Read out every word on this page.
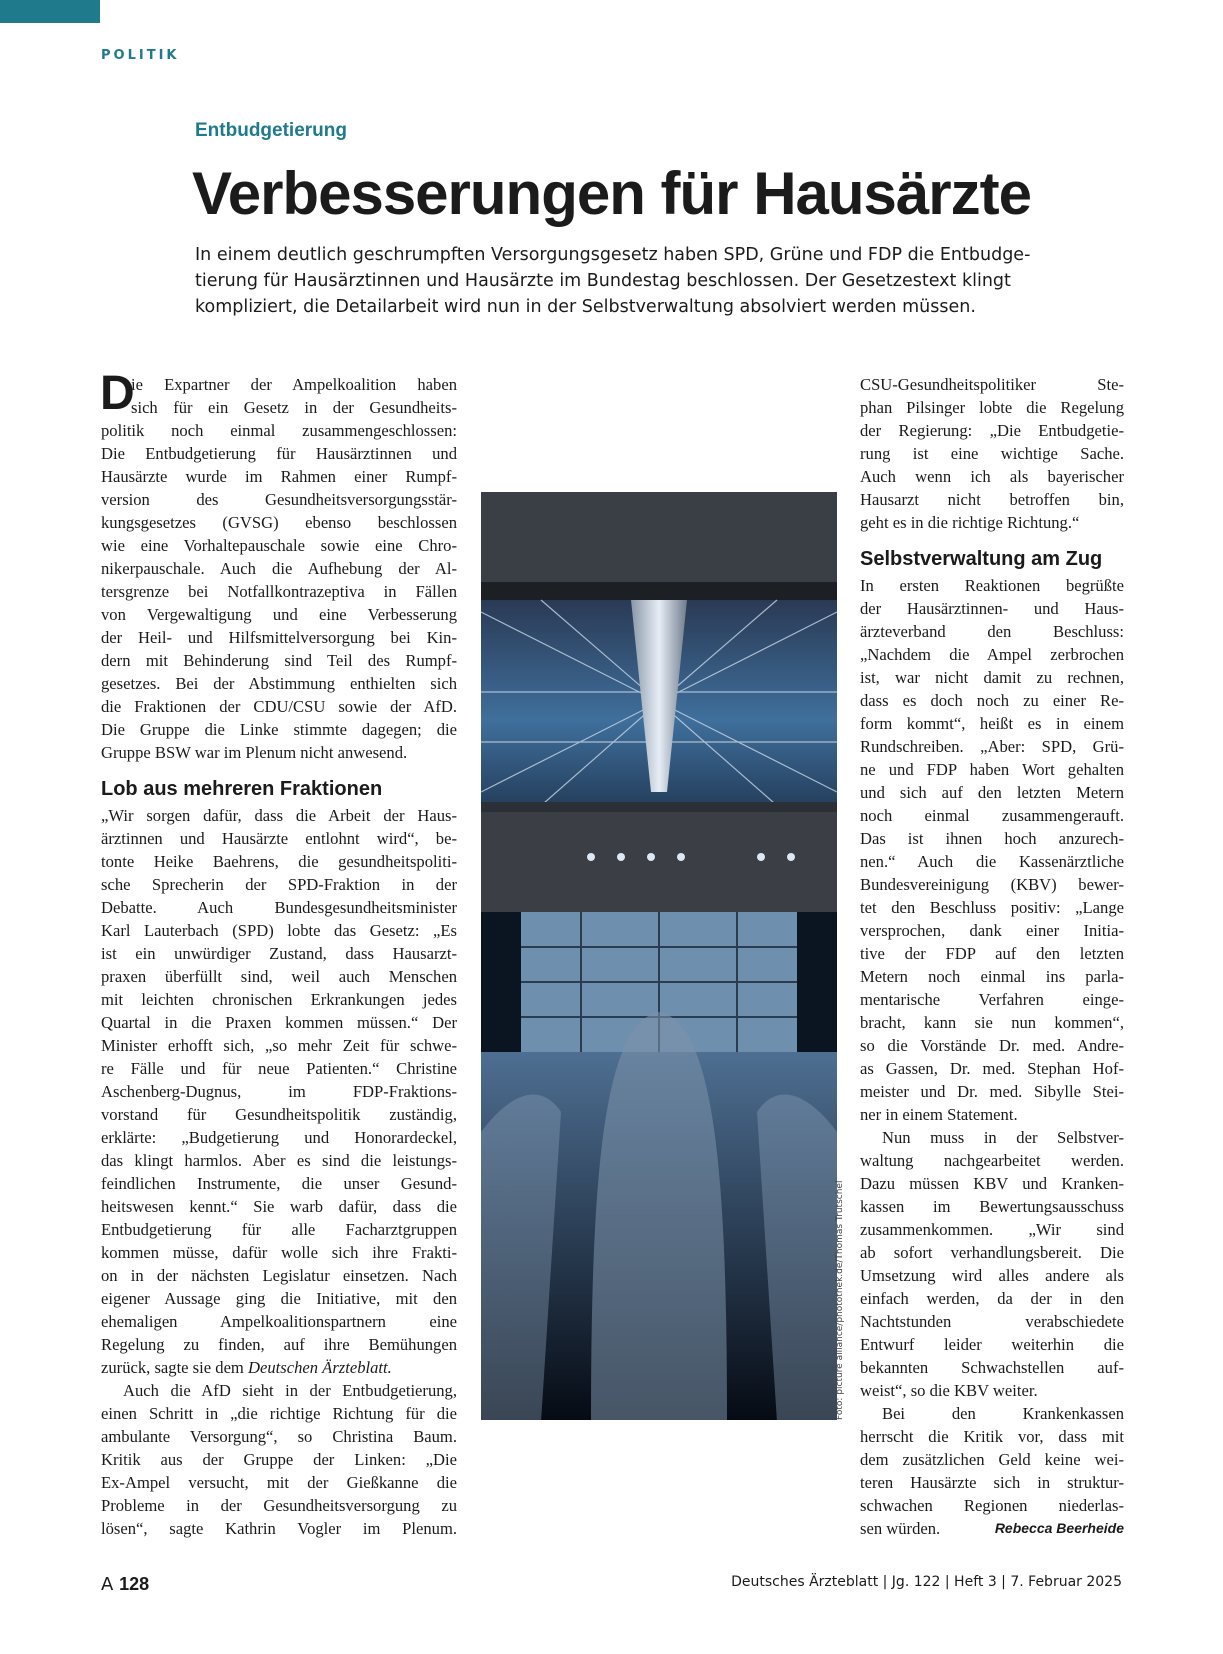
POLITIK
Entbudgetierung
Verbesserungen für Hausärzte
In einem deutlich geschrumpften Versorgungsgesetz haben SPD, Grüne und FDP die Entbudge-
tierung für Hausärztinnen und Hausärzte im Bundestag beschlossen. Der Gesetzestext klingt
kompliziert, die Detailarbeit wird nun in der Selbstverwaltung absolviert werden müssen.
D
ie Expartner der Ampelkoalition haben
sich für ein Gesetz in der Gesundheits-
politik noch einmal zusammengeschlossen:
Die Entbudgetierung für Hausärztinnen und
Hausärzte wurde im Rahmen einer Rumpf-
version des Gesundheitsversorgungsstär-
kungsgesetzes (GVSG) ebenso beschlossen
wie eine Vorhaltepauschale sowie eine Chro-
nikerpauschale. Auch die Aufhebung der Al-
tersgrenze bei Notfallkontrazeptiva in Fällen
von Vergewaltigung und eine Verbesserung
der Heil- und Hilfsmittelversorgung bei Kin-
dern mit Behinderung sind Teil des Rumpf-
gesetzes. Bei der Abstimmung enthielten sich
die Fraktionen der CDU/CSU sowie der AfD.
Die Gruppe die Linke stimmte dagegen; die
Gruppe BSW war im Plenum nicht anwesend.
Lob aus mehreren Fraktionen
„Wir sorgen dafür, dass die Arbeit der Haus-
ärztinnen und Hausärzte entlohnt wird“, be-
tonte Heike Baehrens, die gesundheitspoliti-
sche Sprecherin der SPD-Fraktion in der
Debatte. Auch Bundesgesundheitsminister
Karl Lauterbach (SPD) lobte das Gesetz: „Es
ist ein unwürdiger Zustand, dass Hausarzt-
praxen überfüllt sind, weil auch Menschen
mit leichten chronischen Erkrankungen jedes
Quartal in die Praxen kommen müssen.“ Der
Minister erhofft sich, „so mehr Zeit für schwe-
re Fälle und für neue Patienten.“ Christine
Aschenberg-Dugnus, im FDP-Fraktions-
vorstand für Gesundheitspolitik zuständig,
erklärte: „Budgetierung und Honorardeckel,
das klingt harmlos. Aber es sind die leistungs-
feindlichen Instrumente, die unser Gesund-
heitswesen kennt.“ Sie warb dafür, dass die
Entbudgetierung für alle Facharztgruppen
kommen müsse, dafür wolle sich ihre Frakti-
on in der nächsten Legislatur einsetzen. Nach
eigener Aussage ging die Initiative, mit den
ehemaligen Ampelkoalitionspartnern eine
Regelung zu finden, auf ihre Bemühungen
zurück, sagte sie dem Deutschen Ärzteblatt.
Auch die AfD sieht in der Entbudgetierung,
einen Schritt in „die richtige Richtung für die
ambulante Versorgung“, so Christina Baum.
Kritik aus der Gruppe der Linken: „Die
Ex-Ampel versucht, mit der Gießkanne die
Probleme in der Gesundheitsversorgung zu
lösen“, sagte Kathrin Vogler im Plenum.
Foto: picture alliance/photothek.de/Thomas Trutschel
CSU-Gesundheitspolitiker Ste-
phan Pilsinger lobte die Regelung
der Regierung: „Die Entbudgetie-
rung ist eine wichtige Sache.
Auch wenn ich als bayerischer
Hausarzt nicht betroffen bin,
geht es in die richtige Richtung.“
Selbstverwaltung am Zug
In ersten Reaktionen begrüßte
der Hausärztinnen- und Haus-
ärzteverband den Beschluss:
„Nachdem die Ampel zerbrochen
ist, war nicht damit zu rechnen,
dass es doch noch zu einer Re-
form kommt“, heißt es in einem
Rundschreiben. „Aber: SPD, Grü-
ne und FDP haben Wort gehalten
und sich auf den letzten Metern
noch einmal zusammengerauft.
Das ist ihnen hoch anzurech-
nen.“ Auch die Kassenärztliche
Bundesvereinigung (KBV) bewer-
tet den Beschluss positiv: „Lange
versprochen, dank einer Initia-
tive der FDP auf den letzten
Metern noch einmal ins parla-
mentarische Verfahren einge-
bracht, kann sie nun kommen“,
so die Vorstände Dr. med. Andre-
as Gassen, Dr. med. Stephan Hof-
meister und Dr. med. Sibylle Stei-
ner in einem Statement.
Nun muss in der Selbstver-
waltung nachgearbeitet werden.
Dazu müssen KBV und Kranken-
kassen im Bewertungsausschuss
zusammenkommen. „Wir sind
ab sofort verhandlungsbereit. Die
Umsetzung wird alles andere als
einfach werden, da der in den
Nachtstunden verabschiedete
Entwurf leider weiterhin die
bekannten Schwachstellen auf-
weist“, so die KBV weiter.
Bei den Krankenkassen
herrscht die Kritik vor, dass mit
dem zusätzlichen Geld keine wei-
teren Hausärzte sich in struktur-
schwachen Regionen niederlas-
sen würden.	Rebecca Beerheide
A 128	Deutsches Ärzteblatt | Jg. 122 | Heft 3 | 7. Februar 2025
